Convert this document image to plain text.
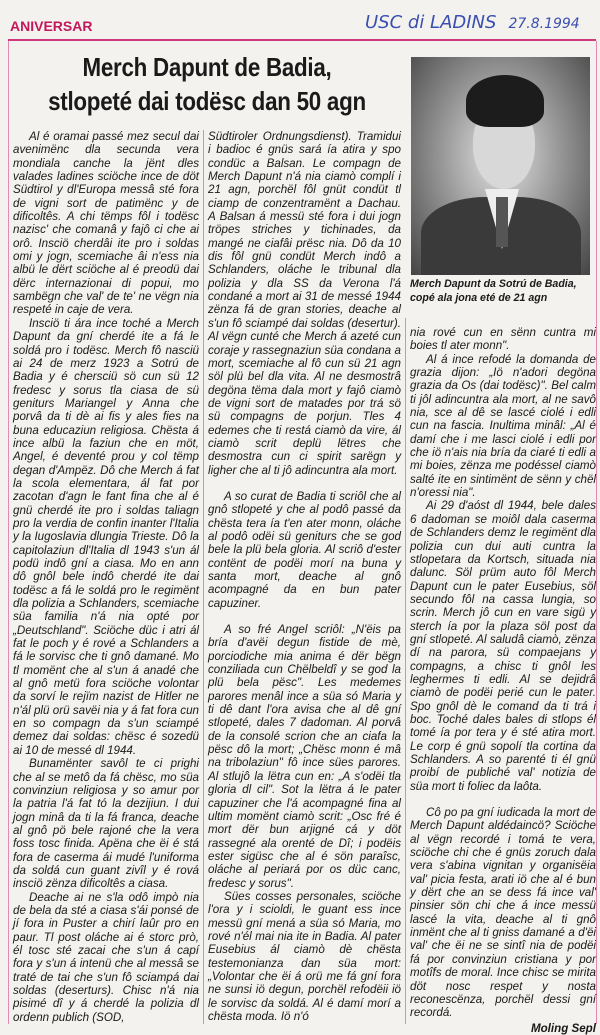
ANIVERSAR	USC di LADINS 27.8.1994
Merch Dapunt de Badia,
stlopeté dai todësc dan 50 agn
Merch Dapunt da Sotrú de Badia, copé ala jona eté de 21 agn

Al é oramai passé mez secul dai avenimënc dla secunda vera mondiala canche la jënt dles valades ladines sciöche ince de döt Südtirol y dl'Europa messâ sté fora de vigni sort de patimënc y de dificoltês. A chi tëmps fôl i todësc nazisc' che comanâ y fajô ci che ai orô. Insciö cherdâi ite pro i soldas omi y jogn, scemiache âi n'ess nia albü le dërt sciöche al é preodü dai dërc internazionai di popui, mo sambëgn che val' de te' ne vëgn nia respeté in caje de vera.

Insciö ti ára ince toché a Merch Dapunt da gní cherdé ite a fá le soldá pro i todësc. Merch fô nasciü ai 24 de merz 1923 a Sotrú de Badia y é chersciü sö cun sü 12 fredesc y sorus tla ciasa de sü geniturs Mariangel y Anna che porvâ da ti dè ai fis y ales fies na buna educaziun religiosa. Chësta á ince albü la faziun che en möt, Angel, é deventé prou y col tëmp degan d'Ampëz. Dô che Merch á fat la scola elementara, ál fat por zacotan d'agn le fant fina che al é gnü cherdé ite pro i soldas taliagn pro la verdia de confin inanter l'Italia y la Iugoslavia dlungia Trieste. Dô la capitolaziun dl'Italia dl 1943 s'un ál podü indô gní a ciasa. Mo en ann dô gnôl bele indô cherdé ite dai todësc a fá le soldá pro le regimënt dla polizia a Schlanders, scemiache süa familia n'á nia opté por „Deutschland". Sciöche düc i atri ál fat le poch y é rové a Schlanders a fá le sorvisc che ti gnô damané. Mo tl momënt che al s'un á anadé che al gnô metü fora sciöche volontar da sorví le rejïm nazist de Hitler ne n'ál plü orü savëi nia y á fat fora cun en so compagn da s'un sciampé demez dai soldas: chësc é sozedü ai 10 de messé dl 1944.

Bunamënter savôl te ci prighi che al se metô da fá chësc, mo süa convinziun religiosa y so amur por la patria l'á fat tó la dezijiun. I dui jogn minâ da ti la fá franca, deache al gnô pö bele rajoné che la vera foss tosc finida. Apëna che ëi é stá fora de caserma ái mudé l'uniforma da soldá cun guant zivîl y é rová insciö zënza dificoltês a ciasa.

Deache ai ne s'la odô impò nia de bela da sté a ciasa s'ái ponsé de jí fora in Puster a chirí laûr pro en paur. Tl post oláche ai é storc prò, él tosc sté zacai che s'un á capí fora y s'un á intenü che al messâ se traté de tai che s'un fô sciampá dai soldas (deserturs). Chisc n'á nia pisimé dî y á cherdé la polizia dl ordenn publich (SOD,

Südtiroler Ordnungsdienst). Tramidui i badioc é gnüs sará ía atira y spo condüc a Balsan. Le compagn de Merch Dapunt n'á nia ciamò complí i 21 agn, porchël fôl gnüt condüt tl ciamp de conzentramënt a Dachau. A Balsan á messü sté fora i dui jogn tröpes striches y tichinades, da mangé ne ciafâi prësc nia. Dô da 10 dis fôl gnü condüt Merch indô a Schlanders, oláche le tribunal dla polizia y dla SS da Verona l'á condané a mort ai 31 de messé 1944 zënza fá de gran stories, deache al s'un fô sciampé dai soldas (desertur). Al vëgn cunté che Merch á azeté cun coraje y rassegnaziun süa condana a mort, scemiache al fô cun sü 21 agn söl plü bel dla vita. Al ne desmostrâ degöna tëma dala mort y fajô ciamò de vigni sort de matades por trá sö sü compagns de porjun. Tles 4 edemes che ti restá ciamò da vire, ál ciamò scrit deplü lëtres che desmostra cun ci spirit sarëgn y ligher che al ti jô adincuntra ala mort.

A so curat de Badia ti scriôl che al gnô stlopeté y che al podô passé da chësta tera ía t'en ater monn, oláche al podô odëi sü geniturs che se god bele la plü bela gloria. Al scriô d'ester contënt de podëi morí na buna y santa mort, deache al gnô acompagné da en bun pater capuziner.

A so fré Angel scriôl: „N'ëis pa bría d'avëi degun fistide de mè, porciodiche mia anima é dër bëgn conziliada cun Chëlbeldî y se god la plü bela pësc". Les medemes parores menâl ince a süa só Maria y ti dê dant l'ora avisa che al dê gní stlopeté, dales 7 dadoman. Al porvâ de la consolé scrion che an ciafa la pësc dô la mort; „Chësc monn é mâ na tribolaziun" fô ince sües parores. Al stlujô la lëtra cun en: „A s'odëi tla gloria dl cil". Sot la lëtra á le pater capuziner che l'á acompagné fina al ultim momënt ciamò scrit: „Osc fré é mort dër bun arjigné cá y döt rassegné ala orenté de Dî; i podëis ester sigüsc che al é sön paraîsc, oláche al periará por os düc canc, fredesc y sorus".

Sües cosses personales, sciöche l'ora y i scioldi, le guant ess ince messü gní mená a süa só Maria, mo rové n'él mai nia ite in Badia. Al pater Eusebius ál ciamò dè chësta testemonianza dan süa mort: „Volontar che ëi á orü me fá gní fora ne sunsi iö degun, porchël refodëii iö le sorvisc da soldá. Al é damí morí a chësta moda. Iö n'ó

nia rové cun en sënn cuntra mi boies tl ater monn".

Al á ince refodé la domanda de grazia dijon: „Iö n'adori degöna grazia da Os (dai todësc)". Bel calm ti jôl adincuntra ala mort, al ne savô nia, sce al dê se lascé ciolé i edli cun na fascia. Inultima minâl: „Al é damí che i me lasci ciolé i edli por che iö n'ais nia bría da ciaré ti edli a mi boies, zënza me podéssel ciamò salté ite en sintimënt de sënn y chël n'oressi nia".

Ai 29 d'aóst dl 1944, bele dales 6 dadoman se moiôl dala caserma de Schlanders demz le regimënt dla polizia cun dui auti cuntra la stlopetara da Kortsch, situada nia dalunc. Söl prüm auto fôl Merch Dapunt cun le pater Eusebius, söl secundo fôl na cassa lungia, so scrin. Merch jô cun en vare sigü y sterch ía por la plaza söl post da gní stlopeté. Al saludâ ciamò, zënza dí na parora, sü compaejans y compagns, a chisc ti gnôl les leghermes ti edli. Al se dejidrâ ciamò de podëi perié cun le pater. Spo gnôl dè le comand da ti trá i boc. Toché dales bales di stlops él tomé ía por tera y é sté atira mort. Le corp é gnü sopolí tla cortina da Schlanders. A so parenté ti él gnü proibí de publiché val' notizia de süa mort ti foliec da laôta.

Cô po pa gní iudicada la mort de Merch Dapunt aldédaincö? Sciöche al vëgn recordé i tomá te vera, sciöche chi che é gnüs zoruch dala vera s'abina vignitan y organisëia val' picia festa, arati iö che al é bun y dërt che an se dess fá ince val' pinsier sön chi che á ince messü lascé la vita, deache al ti gnô inmënt che al ti gniss damané a d'ëi val' che ëi ne se sintî nia de podëi fá por convinziun cristiana y por motîfs de moral. Ince chisc se mirita döt nosc respet y nosta reconescënza, porchël dessi gní recordá.

Moling Sepl
